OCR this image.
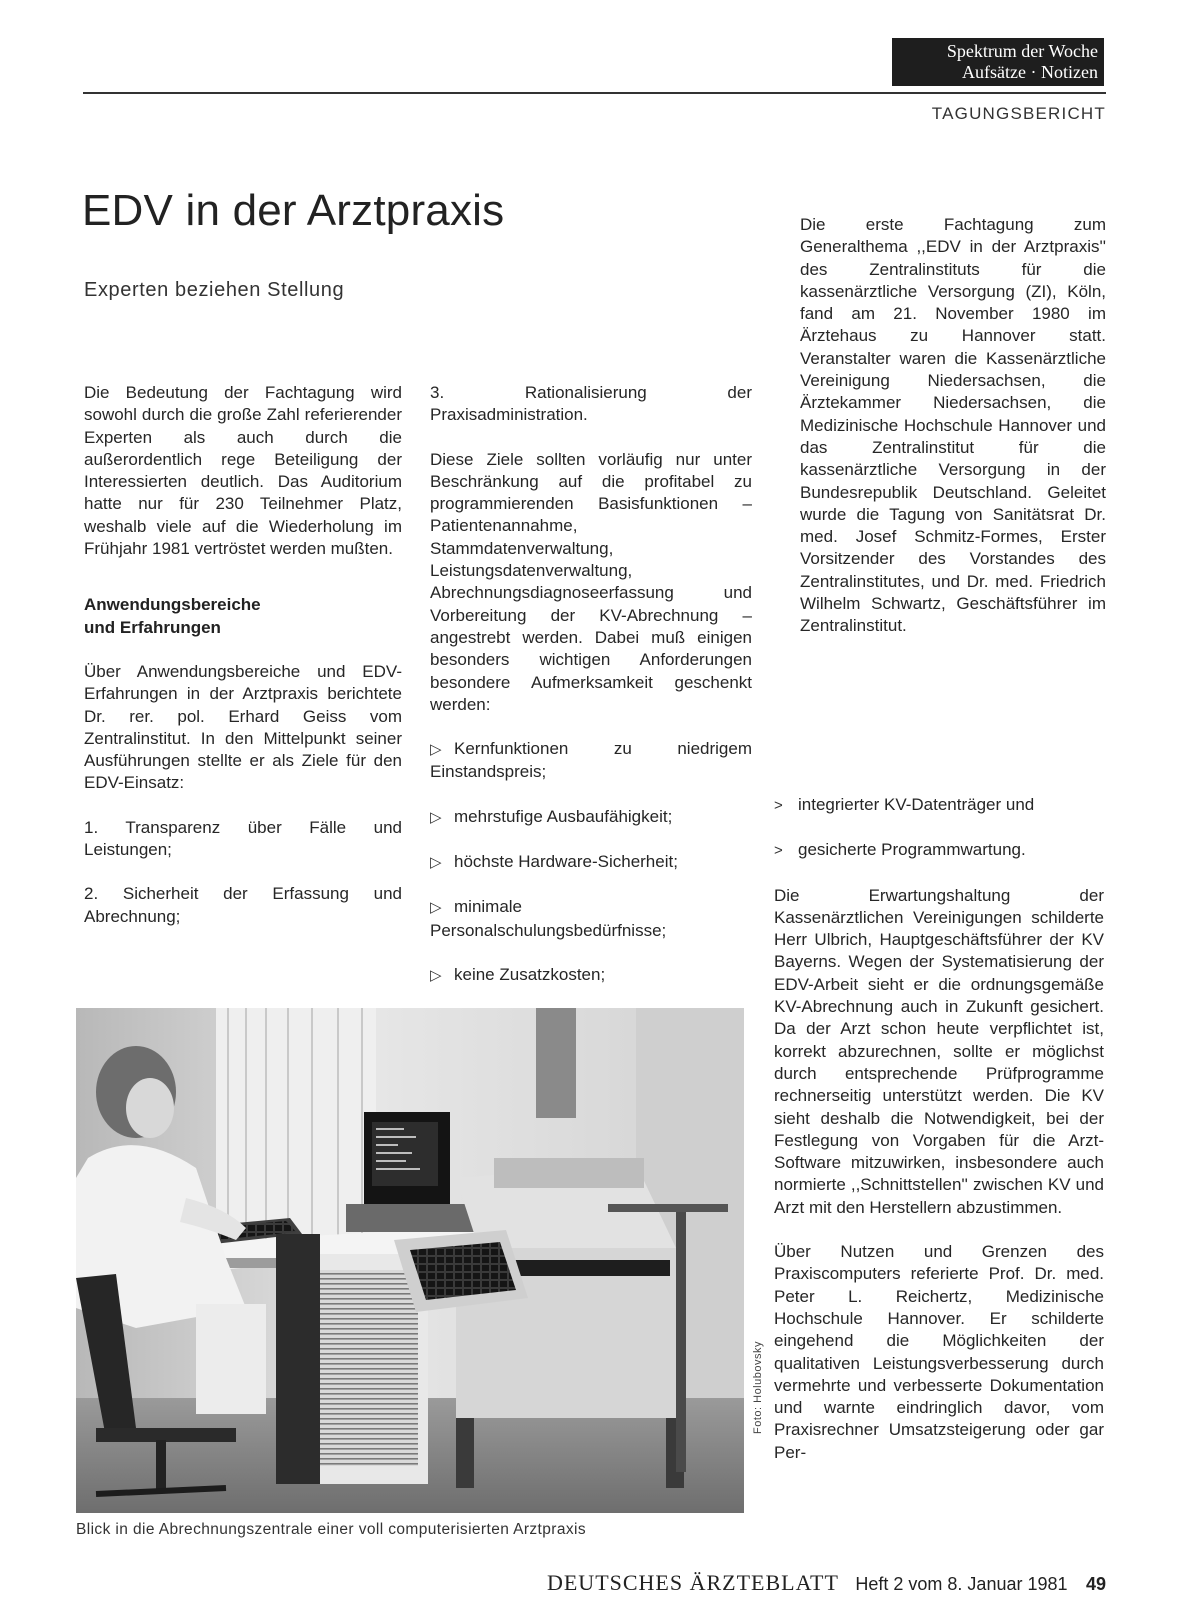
Spektrum der Woche
Aufsätze · Notizen
TAGUNGSBERICHT
EDV in der Arztpraxis
Experten beziehen Stellung

Die Bedeutung der Fachtagung wird sowohl durch die große Zahl referierender Experten als auch durch die außerordentlich rege Beteiligung der Interessierten deutlich. Das Auditorium hatte nur für 230 Teilnehmer Platz, weshalb viele auf die Wiederholung im Frühjahr 1981 vertröstet werden mußten.

Anwendungsbereiche
und Erfahrungen

Über Anwendungsbereiche und EDV-Erfahrungen in der Arztpraxis berichtete Dr. rer. pol. Erhard Geiss vom Zentralinstitut. In den Mittelpunkt seiner Ausführungen stellte er als Ziele für den EDV-Einsatz:

1. Transparenz über Fälle und Leistungen;

2. Sicherheit der Erfassung und Abrechnung;

3. Rationalisierung der Praxisadministration.

Diese Ziele sollten vorläufig nur unter Beschränkung auf die profitabel zu programmierenden Basisfunktionen – Patientenannahme, Stammdatenverwaltung, Leistungsdatenverwaltung, Abrechnungsdiagnoseerfassung und Vorbereitung der KV-Abrechnung – angestrebt werden. Dabei muß einigen besonders wichtigen Anforderungen besondere Aufmerksamkeit geschenkt werden:

▷ Kernfunktionen zu niedrigem Einstandspreis;

▷ mehrstufige Ausbaufähigkeit;

▷ höchste Hardware-Sicherheit;

▷ minimale Personalschulungsbedürfnisse;

▷ keine Zusatzkosten;

Die erste Fachtagung zum Generalthema ,,EDV in der Arztpraxis'' des Zentralinstituts für die kassenärztliche Versorgung (ZI), Köln, fand am 21. November 1980 im Ärztehaus zu Hannover statt. Veranstalter waren die Kassenärztliche Vereinigung Niedersachsen, die Ärztekammer Niedersachsen, die Medizinische Hochschule Hannover und das Zentralinstitut für die kassenärztliche Versorgung in der Bundesrepublik Deutschland. Geleitet wurde die Tagung von Sanitätsrat Dr. med. Josef Schmitz-Formes, Erster Vorsitzender des Vorstandes des Zentralinstitutes, und Dr. med. Friedrich Wilhelm Schwartz, Geschäftsführer im Zentralinstitut.

> integrierter KV-Datenträger und

> gesicherte Programmwartung.

Die Erwartungshaltung der Kassenärztlichen Vereinigungen schilderte Herr Ulbrich, Hauptgeschäftsführer der KV Bayerns. Wegen der Systematisierung der EDV-Arbeit sieht er die ordnungsgemäße KV-Abrechnung auch in Zukunft gesichert. Da der Arzt schon heute verpflichtet ist, korrekt abzurechnen, sollte er möglichst durch entsprechende Prüfprogramme rechnerseitig unterstützt werden. Die KV sieht deshalb die Notwendigkeit, bei der Festlegung von Vorgaben für die Arzt-Software mitzuwirken, insbesondere auch normierte ,,Schnittstellen'' zwischen KV und Arzt mit den Herstellern abzustimmen.

Über Nutzen und Grenzen des Praxiscomputers referierte Prof. Dr. med. Peter L. Reichertz, Medizinische Hochschule Hannover. Er schilderte eingehend die Möglichkeiten der qualitativen Leistungsverbesserung durch vermehrte und verbesserte Dokumentation und warnte eindringlich davor, vom Praxisrechner Umsatzsteigerung oder gar Per-

Foto: Holubovsky
Blick in die Abrechnungszentrale einer voll computerisierten Arztpraxis
DEUTSCHES ÄRZTEBLATT Heft 2 vom 8. Januar 1981 49
